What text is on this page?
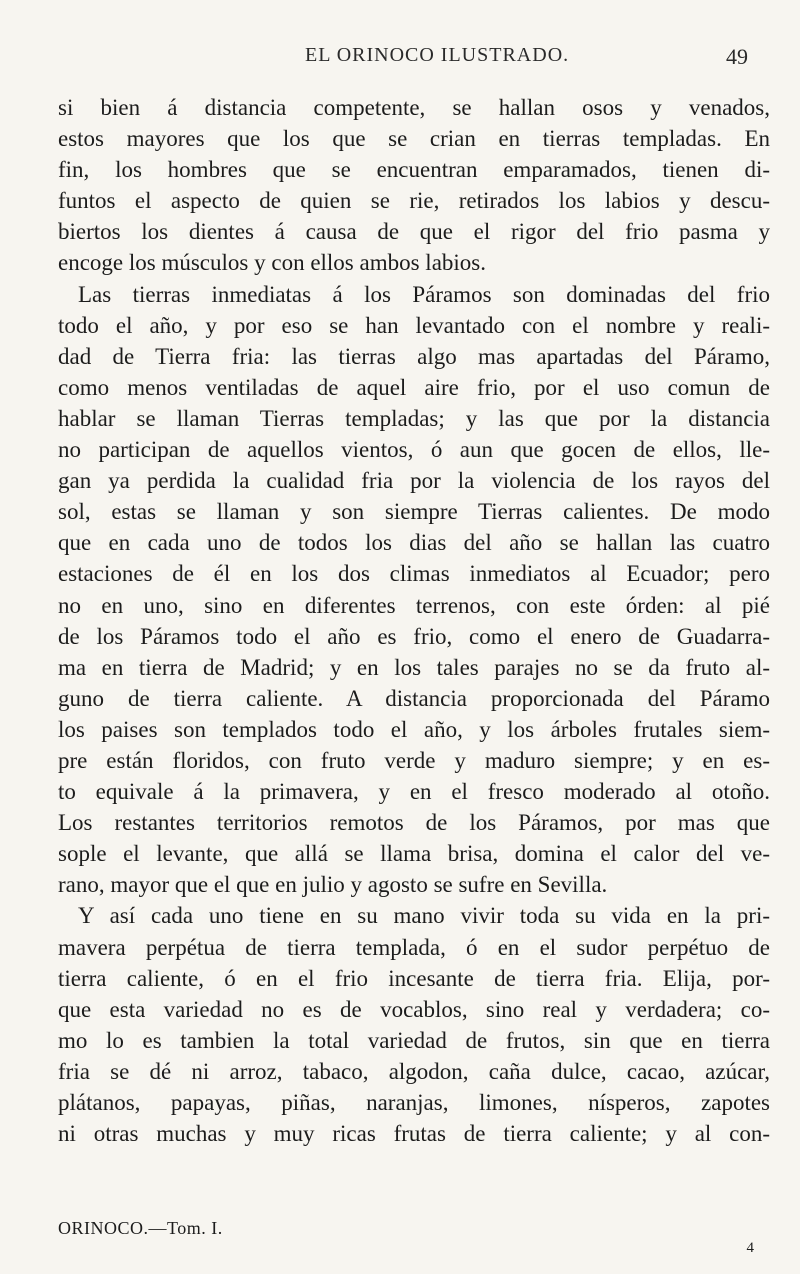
EL ORINOCO ILUSTRADO.	49
si bien á distancia competente, se hallan osos y venados,
estos mayores que los que se crian en tierras templadas. En
fin, los hombres que se encuentran emparamados, tienen di-
funtos el aspecto de quien se rie, retirados los labios y descu-
biertos los dientes á causa de que el rigor del frio pasma y
encoge los músculos y con ellos ambos labios.
Las tierras inmediatas á los Páramos son dominadas del frio
todo el año, y por eso se han levantado con el nombre y reali-
dad de Tierra fria: las tierras algo mas apartadas del Páramo,
como menos ventiladas de aquel aire frio, por el uso comun de
hablar se llaman Tierras templadas; y las que por la distancia
no participan de aquellos vientos, ó aun que gocen de ellos, lle-
gan ya perdida la cualidad fria por la violencia de los rayos del
sol, estas se llaman y son siempre Tierras calientes. De modo
que en cada uno de todos los dias del año se hallan las cuatro
estaciones de él en los dos climas inmediatos al Ecuador; pero
no en uno, sino en diferentes terrenos, con este órden: al pié
de los Páramos todo el año es frio, como el enero de Guadarra-
ma en tierra de Madrid; y en los tales parajes no se da fruto al-
guno de tierra caliente. A distancia proporcionada del Páramo
los paises son templados todo el año, y los árboles frutales siem-
pre están floridos, con fruto verde y maduro siempre; y en es-
to equivale á la primavera, y en el fresco moderado al otoño.
Los restantes territorios remotos de los Páramos, por mas que
sople el levante, que allá se llama brisa, domina el calor del ve-
rano, mayor que el que en julio y agosto se sufre en Sevilla.
Y así cada uno tiene en su mano vivir toda su vida en la pri-
mavera perpétua de tierra templada, ó en el sudor perpétuo de
tierra caliente, ó en el frio incesante de tierra fria. Elija, por-
que esta variedad no es de vocablos, sino real y verdadera; co-
mo lo es tambien la total variedad de frutos, sin que en tierra
fria se dé ni arroz, tabaco, algodon, caña dulce, cacao, azúcar,
plátanos, papayas, piñas, naranjas, limones, nísperos, zapotes
ni otras muchas y muy ricas frutas de tierra caliente; y al con-
ORINOCO.—Tom. I.
4
